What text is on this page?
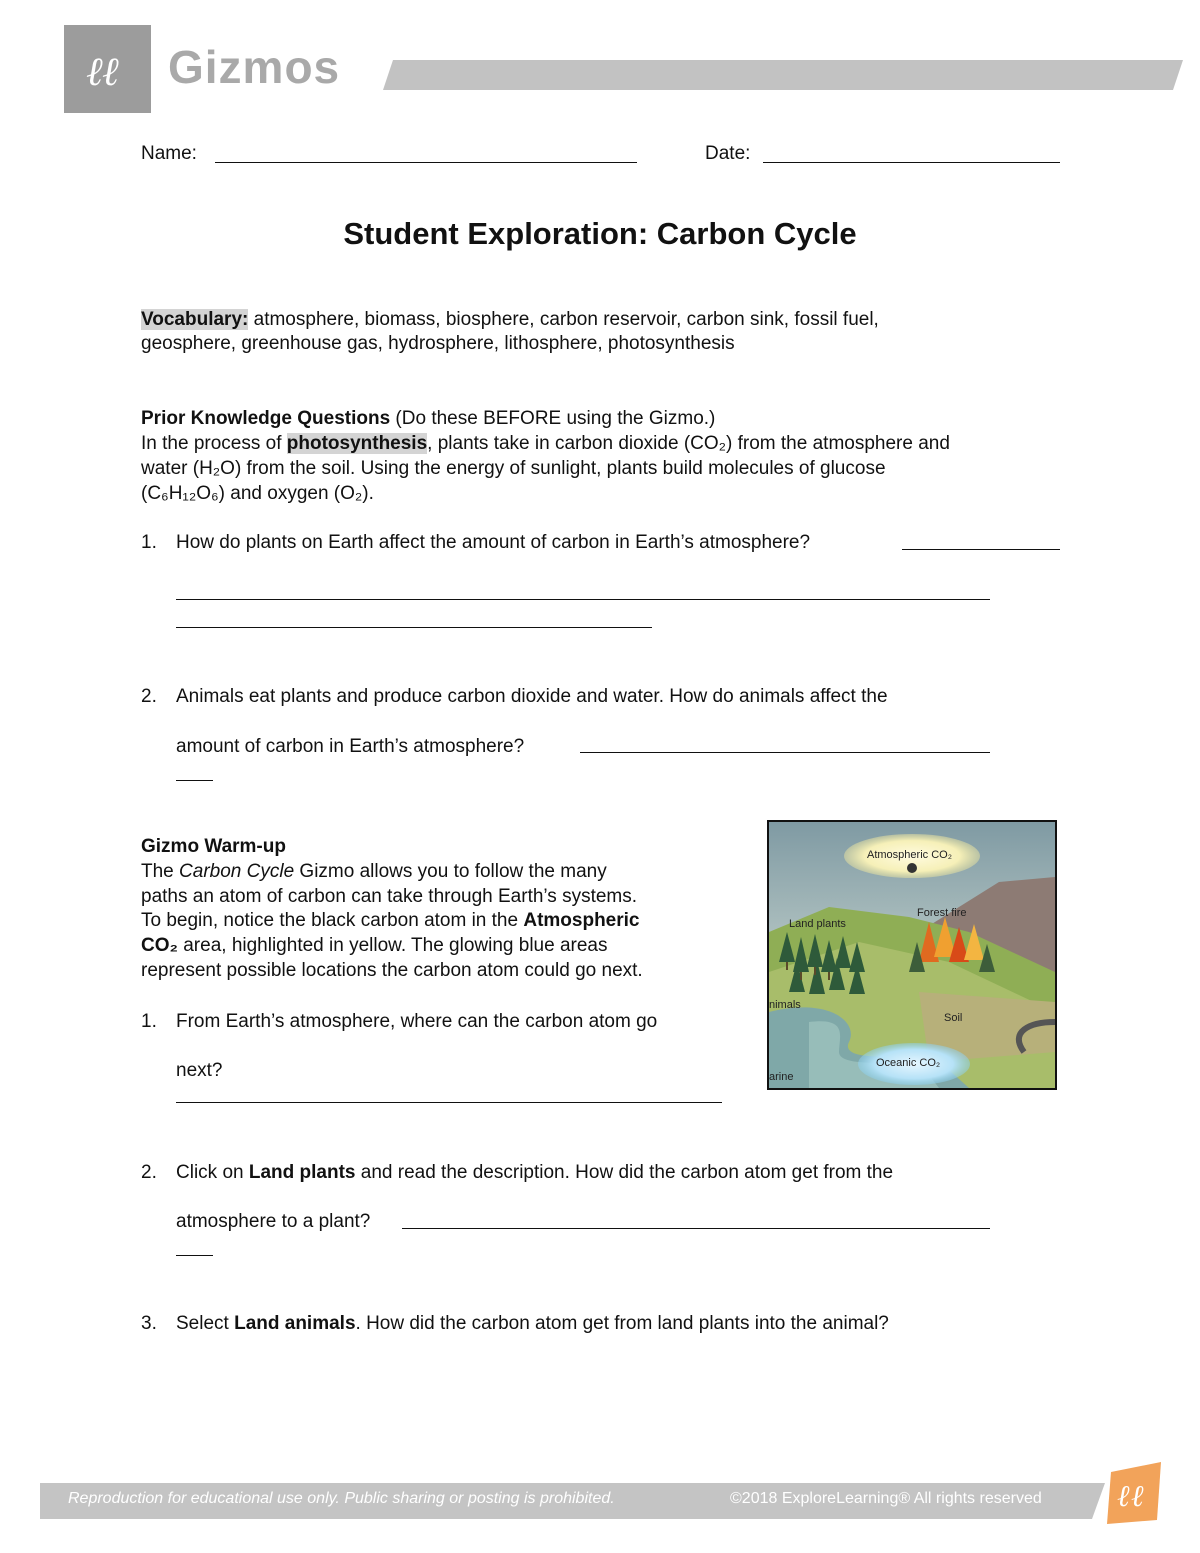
ℓ ℓ Gizmos
Name:	Date:
Student Exploration: Carbon Cycle
Vocabulary: atmosphere, biomass, biosphere, carbon reservoir, carbon sink, fossil fuel,
geosphere, greenhouse gas, hydrosphere, lithosphere, photosynthesis
Prior Knowledge Questions (Do these BEFORE using the Gizmo.)
In the process of photosynthesis, plants take in carbon dioxide (CO₂) from the atmosphere and
water (H₂O) from the soil. Using the energy of sunlight, plants build molecules of glucose
(C₆H₁₂O₆) and oxygen (O₂).
1. How do plants on Earth affect the amount of carbon in Earth’s atmosphere?
2. Animals eat plants and produce carbon dioxide and water. How do animals affect the
amount of carbon in Earth’s atmosphere?
Gizmo Warm-up
The Carbon Cycle Gizmo allows you to follow the many
paths an atom of carbon can take through Earth’s systems.
To begin, notice the black carbon atom in the Atmospheric
CO₂ area, highlighted in yellow. The glowing blue areas
represent possible locations the carbon atom could go next.
1. From Earth’s atmosphere, where can the carbon atom go
next?
Atmospheric CO₂
Forest fire
Land plants
nimals
Soil
Oceanic CO₂
arine
2. Click on Land plants and read the description. How did the carbon atom get from the
atmosphere to a plant?
3. Select Land animals. How did the carbon atom get from land plants into the animal?
Reproduction for educational use only. Public sharing or posting is prohibited.	©2018 ExploreLearning® All rights reserved	ℓ ℓ
